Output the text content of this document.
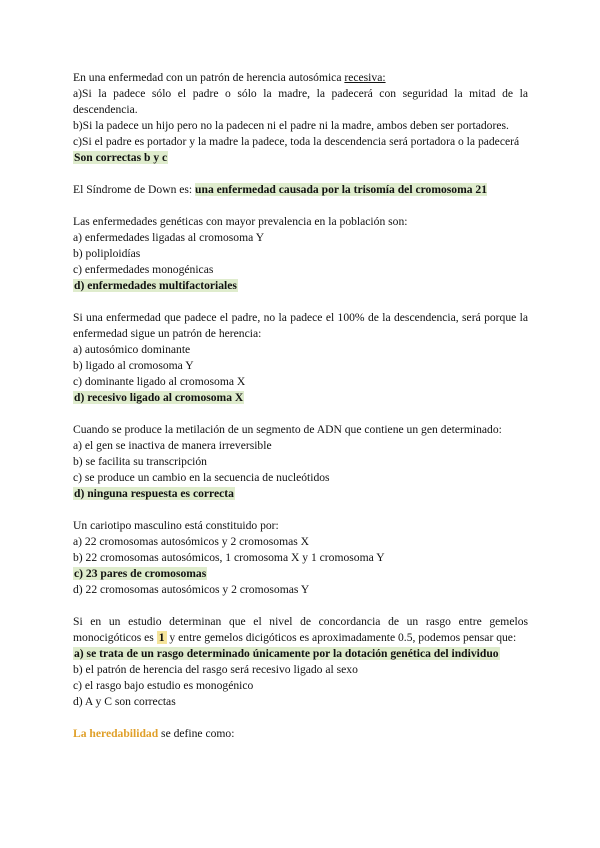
En una enfermedad con un patrón de herencia autosómica recesiva:
a)Si la padece sólo el padre o sólo la madre, la padecerá con seguridad la mitad de la descendencia.
b)Si la padece un hijo pero no la padecen ni el padre ni la madre, ambos deben ser portadores.
c)Si el padre es portador y la madre la padece, toda la descendencia será portadora o la padecerá
Son correctas b y c
El Síndrome de Down es: una enfermedad causada por la trisomía del cromosoma 21
Las enfermedades genéticas con mayor prevalencia en la población son:
a) enfermedades ligadas al cromosoma Y
b) poliploidías
c) enfermedades monogénicas
d) enfermedades multifactoriales
Si una enfermedad que padece el padre, no la padece el 100% de la descendencia, será porque la enfermedad sigue un patrón de herencia:
a) autosómico dominante
b) ligado al cromosoma Y
c) dominante ligado al cromosoma X
d) recesivo ligado al cromosoma X
Cuando se produce la metilación de un segmento de ADN que contiene un gen determinado:
a) el gen se inactiva de manera irreversible
b) se facilita su transcripción
c) se produce un cambio en la secuencia de nucleótidos
d) ninguna respuesta es correcta
Un cariotipo masculino está constituido por:
a) 22 cromosomas autosómicos y 2 cromosomas X
b) 22 cromosomas autosómicos, 1 cromosoma X y 1 cromosoma Y
c) 23 pares de cromosomas
d) 22 cromosomas autosómicos y 2 cromosomas Y
Si en un estudio determinan que el nivel de concordancia de un rasgo entre gemelos monocigóticos es 1 y entre gemelos dicigóticos es aproximadamente 0.5, podemos pensar que:
a) se trata de un rasgo determinado únicamente por la dotación genética del individuo
b) el patrón de herencia del rasgo será recesivo ligado al sexo
c) el rasgo bajo estudio es monogénico
d) A y C son correctas
La heredabilidad se define como:
